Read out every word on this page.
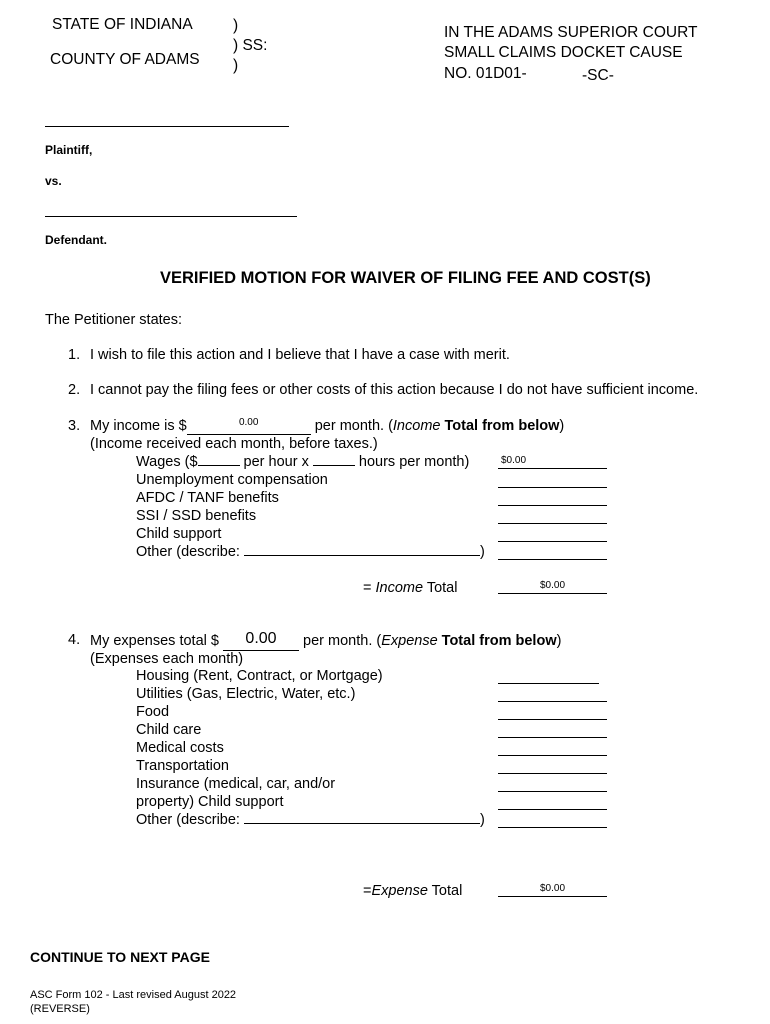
STATE OF INDIANA
COUNTY OF ADAMS
)
) SS:
)
IN THE ADAMS SUPERIOR COURT
SMALL CLAIMS DOCKET CAUSE
NO. 01D01-	-SC-
Plaintiff,
vs.
Defendant.
VERIFIED MOTION FOR WAIVER OF FILING FEE AND COST(S)
The Petitioner states:
1. I wish to file this action and I believe that I have a case with merit.
2. I cannot pay the filing fees or other costs of this action because I do not have sufficient income.
3. My income is $	$^{0.00}$	per month. (Income Total from below)
(Income received each month, before taxes.)
Wages ($	per hour x	hours per month)	$0.00
Unemployment compensation
AFDC / TANF benefits
SSI / SSD benefits
Child support
Other (describe:	)
= Income Total	$0.00
4. My expenses total $ 0.00 per month. (Expense Total from below)
(Expenses each month)
Housing (Rent, Contract, or Mortgage)
Utilities (Gas, Electric, Water, etc.)
Food
Child care
Medical costs
Transportation
Insurance (medical, car, and/or
property) Child support
Other (describe:	)
=Expense Total	$0.00
CONTINUE TO NEXT PAGE
ASC Form 102 - Last revised August 2022
(REVERSE)
